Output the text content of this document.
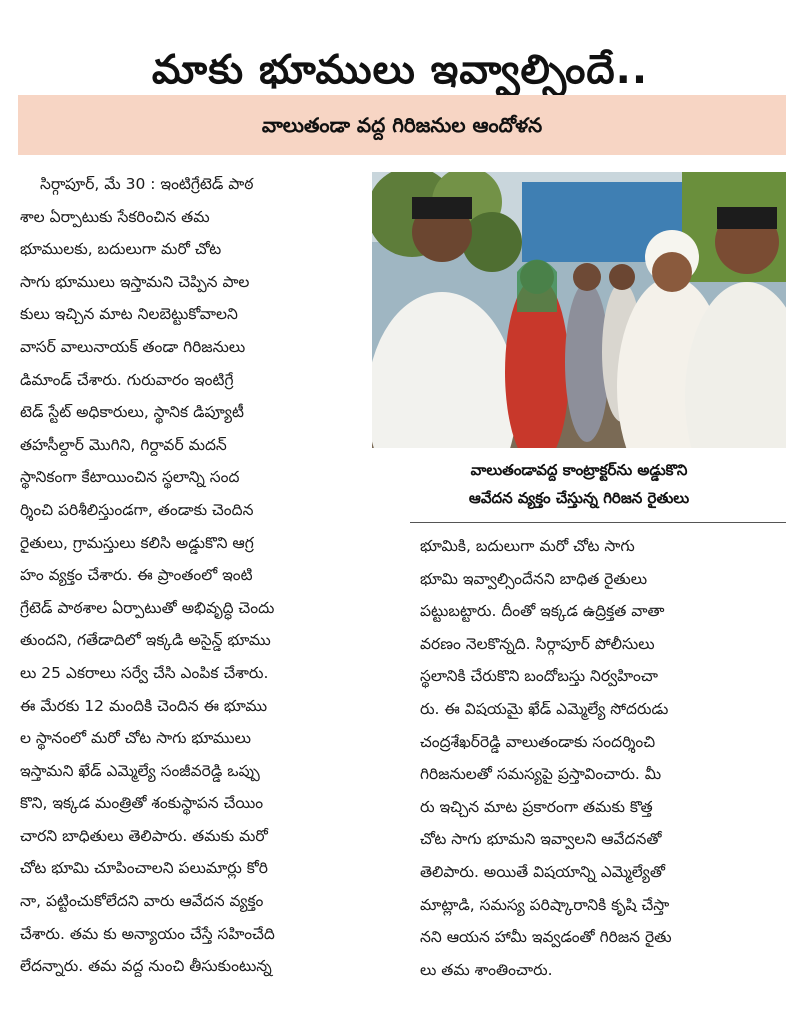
మాకు భూములు ఇవ్వాల్సిందే..
వాలుతండా వద్ద గిరిజనుల ఆందోళన
వాలుతండావద్ద కాంట్రాక్టర్‌ను అడ్డుకొని
ఆవేదన వ్యక్తం చేస్తున్న గిరిజన రైతులు

సిర్గాపూర్‌, మే 30 : ఇంటిగ్రేటెడ్‌ పాఠ

శాల ఏర్పాటుకు సేకరించిన తమ

భూములకు, బదులుగా మరో చోట

సాగు భూములు ఇస్తామని చెప్పిన పాల

కులు ఇచ్చిన మాట నిలబెట్టుకోవాలని

వాసర్‌ వాలునాయక్‌ తండా గిరిజనులు

డిమాండ్‌ చేశారు. గురువారం ఇంటిగ్రే

టెడ్‌ స్టేట్‌ అధికారులు, స్థానిక డిప్యూటీ

తహసీల్దార్‌ మొగిని, గిర్దావర్‌ మదన్‌

స్థానికంగా కేటాయించిన స్థలాన్ని సంద

ర్శించి పరిశీలిస్తుండగా, తండాకు చెందిన

రైతులు, గ్రామస్తులు కలిసి అడ్డుకొని ఆగ్ర

హం వ్యక్తం చేశారు. ఈ ప్రాంతంలో ఇంటి

గ్రేటెడ్‌ పాఠశాల ఏర్పాటుతో అభివృద్ధి చెందు

తుందని, గతేడాదిలో ఇక్కడి అసైన్డ్‌ భూము

లు 25 ఎకరాలు సర్వే చేసి ఎంపిక చేశారు.

ఈ మేరకు 12 మందికి చెందిన ఈ భూము

ల స్థానంలో మరో చోట సాగు భూములు

ఇస్తామని ఖేడ్‌ ఎమ్మెల్యే సంజీవరెడ్డి ఒప్పు

కొని, ఇక్కడ మంత్రితో శంకుస్థాపన చేయిం

చారని బాధితులు తెలిపారు. తమకు మరో

చోట భూమి చూపించాలని పలుమార్లు కోరి

నా, పట్టించుకోలేదని వారు ఆవేదన వ్యక్తం

చేశారు. తమ కు అన్యాయం చేస్తే సహించేది

లేదన్నారు. తమ వద్ద నుంచి తీసుకుంటున్న

భూమికి, బదులుగా మరో చోట సాగు

భూమి ఇవ్వాల్సిందేనని బాధిత రైతులు

పట్టుబట్టారు. దీంతో ఇక్కడ ఉద్రిక్తత వాతా

వరణం నెలకొన్నది. సిర్గాపూర్‌ పోలీసులు

స్థలానికి చేరుకొని బందోబస్తు నిర్వహించా

రు. ఈ విషయమై ఖేడ్‌ ఎమ్మెల్యే సోదరుడు

చంద్రశేఖర్‌రెడ్డి వాలుతండాకు సందర్శించి

గిరిజనులతో సమస్యపై ప్రస్తావించారు. మీ

రు ఇచ్చిన మాట ప్రకారంగా తమకు కొత్త

చోట సాగు భూమని ఇవ్వాలని ఆవేదనతో

తెలిపారు. అయితే విషయాన్ని ఎమ్మెల్యేతో

మాట్లాడి, సమస్య పరిష్కారానికి కృషి చేస్తా

నని ఆయన హామీ ఇవ్వడంతో గిరిజన రైతు

లు తమ శాంతించారు.
